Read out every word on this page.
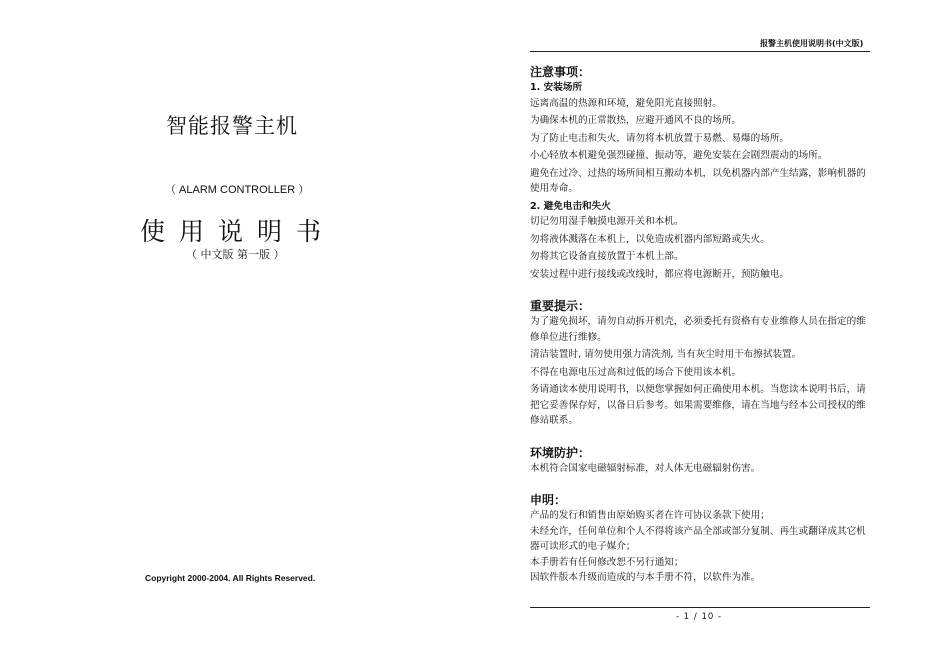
智能报警主机
（ ALARM CONTROLLER ）
使用说明书
（ 中文版 第一版 ）
Copyright 2000-2004. All Rights Reserved.
报警主机使用说明书(中文版)

注意事项：

1. 安装场所

远离高温的热源和环境，避免阳光直接照射。

为确保本机的正常散热，应避开通风不良的场所。

为了防止电击和失火，请勿将本机放置于易燃、易爆的场所。

小心轻放本机避免强烈碰撞、振动等，避免安装在会剧烈震动的场所。

避免在过冷、过热的场所间相互搬动本机，以免机器内部产生结露，影响机器的使用寿命。

2. 避免电击和失火

切记勿用湿手触摸电源开关和本机。

勿将液体溅落在本机上，以免造成机器内部短路或失火。

勿将其它设备直接放置于本机上部。

安装过程中进行接线或改线时，都应将电源断开，预防触电。

重要提示：

为了避免损坏，请勿自动拆开机壳，必须委托有资格有专业维修人员在指定的维修单位进行维修。

清洁装置时, 请勿使用强力清洗剂, 当有灰尘时用干布擦拭装置。

不得在电源电压过高和过低的场合下使用该本机。

务请通读本使用说明书，以便您掌握如何正确使用本机。当您读本说明书后，请把它妥善保存好，以备日后参考。如果需要维修，请在当地与经本公司授权的维修站联系。

环境防护：

本机符合国家电磁辐射标准，对人体无电磁辐射伤害。

申明：

产品的发行和销售由原始购买者在许可协议条款下使用；

未经允许，任何单位和个人不得将该产品全部或部分复制、再生或翻译成其它机器可读形式的电子媒介；

本手册若有任何修改恕不另行通知；

因软件版本升级而造成的与本手册不符，以软件为准。

- 1 / 10 -
